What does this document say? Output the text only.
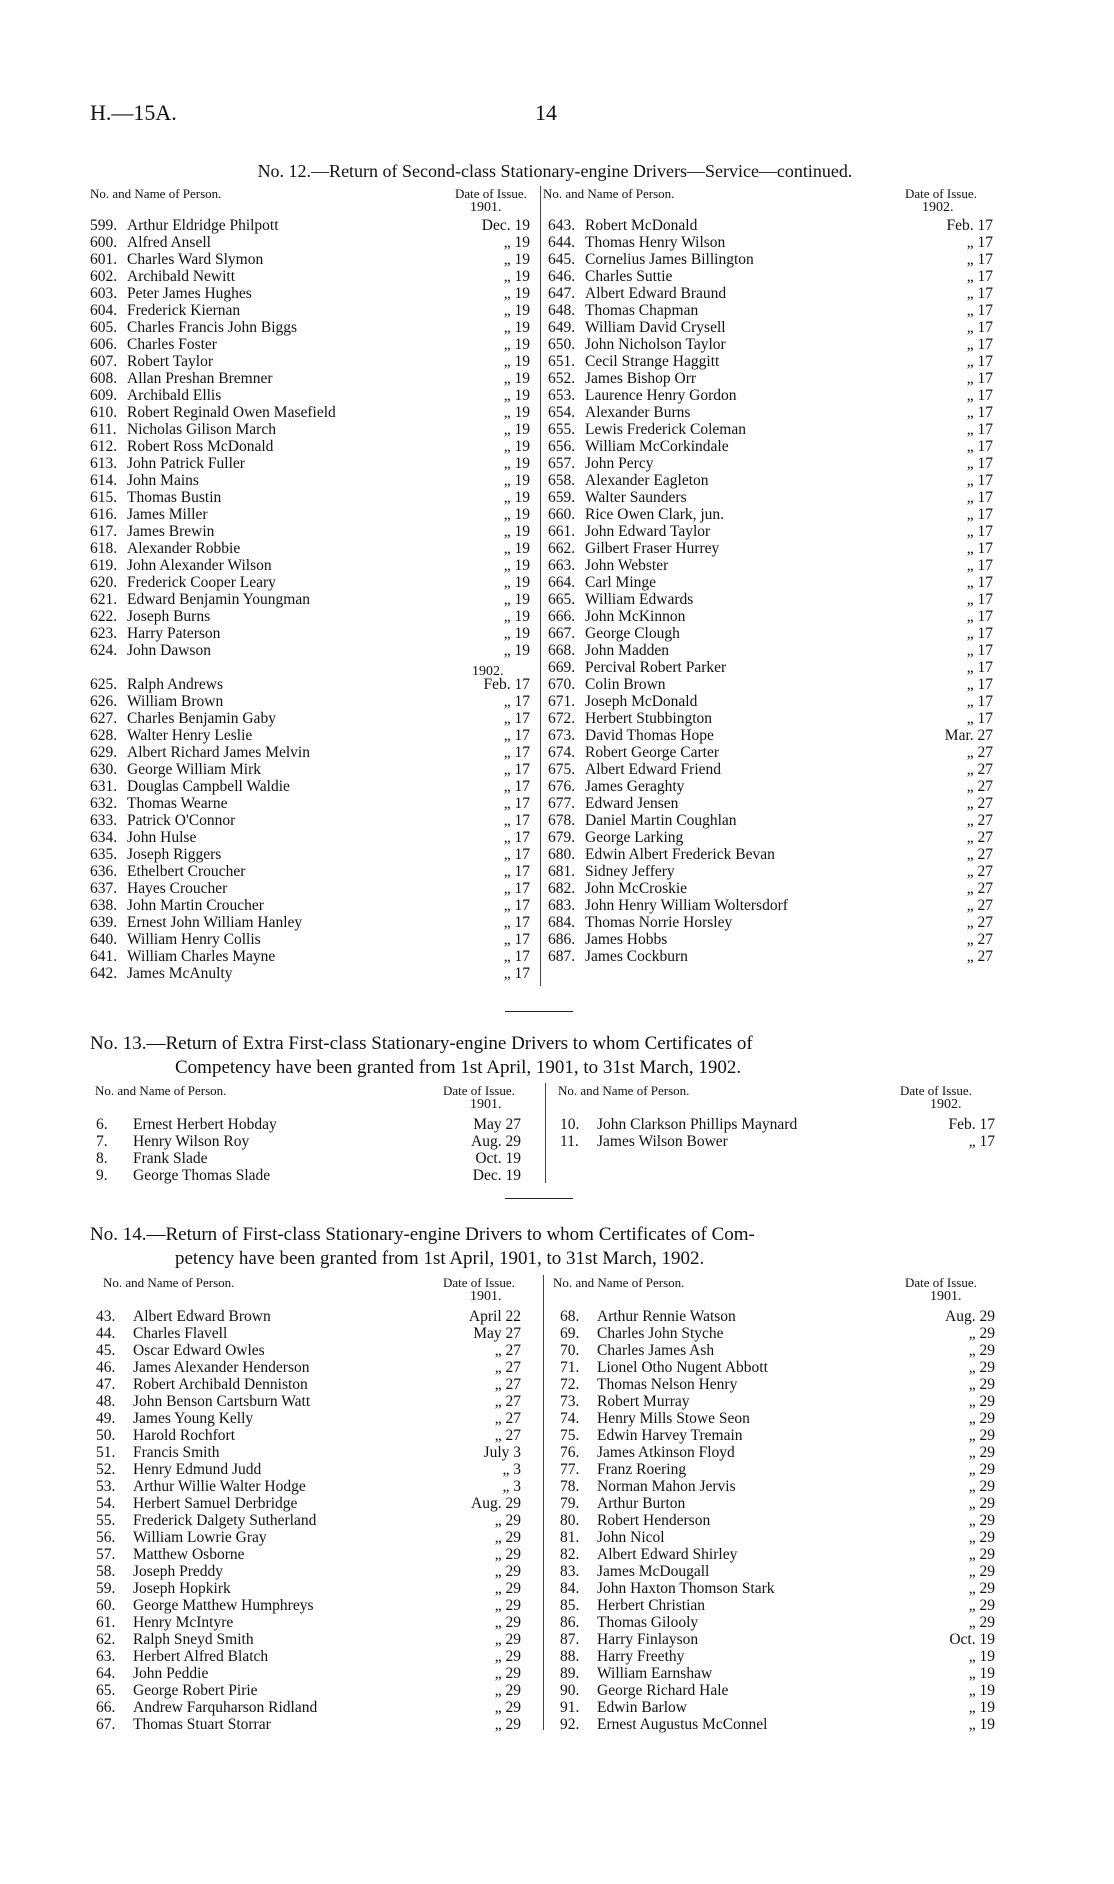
H.—15A.	14
No. 12.—Return of Second-class Stationary-engine Drivers—Service—continued.
No. and Name of Person.	Date of Issue.
1901.
No. and Name of Person.	Date of Issue.
1902.
1902.
599. Arthur Eldridge Philpott	Dec. 19
600. Alfred Ansell	„ 19
601. Charles Ward Slymon	„ 19
602. Archibald Newitt	„ 19
603. Peter James Hughes	„ 19
604. Frederick Kiernan	„ 19
605. Charles Francis John Biggs	„ 19
606. Charles Foster	„ 19
607. Robert Taylor	„ 19
608. Allan Preshan Bremner	„ 19
609. Archibald Ellis	„ 19
610. Robert Reginald Owen Masefield	„ 19
611. Nicholas Gilison March	„ 19
612. Robert Ross McDonald	„ 19
613. John Patrick Fuller	„ 19
614. John Mains	„ 19
615. Thomas Bustin	„ 19
616. James Miller	„ 19
617. James Brewin	„ 19
618. Alexander Robbie	„ 19
619. John Alexander Wilson	„ 19
620. Frederick Cooper Leary	„ 19
621. Edward Benjamin Youngman	„ 19
622. Joseph Burns	„ 19
623. Harry Paterson	„ 19
624. John Dawson	„ 19
625. Ralph Andrews	Feb. 17
626. William Brown	„ 17
627. Charles Benjamin Gaby	„ 17
628. Walter Henry Leslie	„ 17
629. Albert Richard James Melvin	„ 17
630. George William Mirk	„ 17
631. Douglas Campbell Waldie	„ 17
632. Thomas Wearne	„ 17
633. Patrick O'Connor	„ 17
634. John Hulse	„ 17
635. Joseph Riggers	„ 17
636. Ethelbert Croucher	„ 17
637. Hayes Croucher	„ 17
638. John Martin Croucher	„ 17
639. Ernest John William Hanley	„ 17
640. William Henry Collis	„ 17
641. William Charles Mayne	„ 17
642. James McAnulty	„ 17
643. Robert McDonald	Feb. 17
644. Thomas Henry Wilson	„ 17
645. Cornelius James Billington	„ 17
646. Charles Suttie	„ 17
647. Albert Edward Braund	„ 17
648. Thomas Chapman	„ 17
649. William David Crysell	„ 17
650. John Nicholson Taylor	„ 17
651. Cecil Strange Haggitt	„ 17
652. James Bishop Orr	„ 17
653. Laurence Henry Gordon	„ 17
654. Alexander Burns	„ 17
655. Lewis Frederick Coleman	„ 17
656. William McCorkindale	„ 17
657. John Percy	„ 17
658. Alexander Eagleton	„ 17
659. Walter Saunders	„ 17
660. Rice Owen Clark, jun.	„ 17
661. John Edward Taylor	„ 17
662. Gilbert Fraser Hurrey	„ 17
663. John Webster	„ 17
664. Carl Minge	„ 17
665. William Edwards	„ 17
666. John McKinnon	„ 17
667. George Clough	„ 17
668. John Madden	„ 17
669. Percival Robert Parker	„ 17
670. Colin Brown	„ 17
671. Joseph McDonald	„ 17
672. Herbert Stubbington	„ 17
673. David Thomas Hope	Mar. 27
674. Robert George Carter	„ 27
675. Albert Edward Friend	„ 27
676. James Geraghty	„ 27
677. Edward Jensen	„ 27
678. Daniel Martin Coughlan	„ 27
679. George Larking	„ 27
680. Edwin Albert Frederick Bevan	„ 27
681. Sidney Jeffery	„ 27
682. John McCroskie	„ 27
683. John Henry William Woltersdorf	„ 27
684. Thomas Norrie Horsley	„ 27
686. James Hobbs	„ 27
687. James Cockburn	„ 27
No. 13.—Return of Extra First-class Stationary-engine Drivers to whom Certificates of
Competency have been granted from 1st April, 1901, to 31st March, 1902.
No. and Name of Person.	Date of Issue.
1901.
No. and Name of Person.	Date of Issue.
1902.
6.	Ernest Herbert Hobday	May 27
7.	Henry Wilson Roy	Aug. 29
8.	Frank Slade	Oct. 19
9.	George Thomas Slade	Dec. 19
10.	John Clarkson Phillips Maynard	Feb. 17
11.	James Wilson Bower	„ 17
No. 14.—Return of First-class Stationary-engine Drivers to whom Certificates of Com-
petency have been granted from 1st April, 1901, to 31st March, 1902.
No. and Name of Person.	Date of Issue.
1901.
No. and Name of Person.	Date of Issue.
1901.
43.	Albert Edward Brown	April 22
44.	Charles Flavell	May 27
45.	Oscar Edward Owles	„ 27
46.	James Alexander Henderson	„ 27
47.	Robert Archibald Denniston	„ 27
48.	John Benson Cartsburn Watt	„ 27
49.	James Young Kelly	„ 27
50.	Harold Rochfort	„ 27
51.	Francis Smith	July 3
52.	Henry Edmund Judd	„ 3
53.	Arthur Willie Walter Hodge	„ 3
54.	Herbert Samuel Derbridge	Aug. 29
55.	Frederick Dalgety Sutherland	„ 29
56.	William Lowrie Gray	„ 29
57.	Matthew Osborne	„ 29
58.	Joseph Preddy	„ 29
59.	Joseph Hopkirk	„ 29
60.	George Matthew Humphreys	„ 29
61.	Henry McIntyre	„ 29
62.	Ralph Sneyd Smith	„ 29
63.	Herbert Alfred Blatch	„ 29
64.	John Peddie	„ 29
65.	George Robert Pirie	„ 29
66.	Andrew Farquharson Ridland	„ 29
67.	Thomas Stuart Storrar	„ 29
68.	Arthur Rennie Watson	Aug. 29
69.	Charles John Styche	„ 29
70.	Charles James Ash	„ 29
71.	Lionel Otho Nugent Abbott	„ 29
72.	Thomas Nelson Henry	„ 29
73.	Robert Murray	„ 29
74.	Henry Mills Stowe Seon	„ 29
75.	Edwin Harvey Tremain	„ 29
76.	James Atkinson Floyd	„ 29
77.	Franz Roering	„ 29
78.	Norman Mahon Jervis	„ 29
79.	Arthur Burton	„ 29
80.	Robert Henderson	„ 29
81.	John Nicol	„ 29
82.	Albert Edward Shirley	„ 29
83.	James McDougall	„ 29
84.	John Haxton Thomson Stark	„ 29
85.	Herbert Christian	„ 29
86.	Thomas Gilooly	„ 29
87.	Harry Finlayson	Oct. 19
88.	Harry Freethy	„ 19
89.	William Earnshaw	„ 19
90.	George Richard Hale	„ 19
91.	Edwin Barlow	„ 19
92.	Ernest Augustus McConnel	„ 19
